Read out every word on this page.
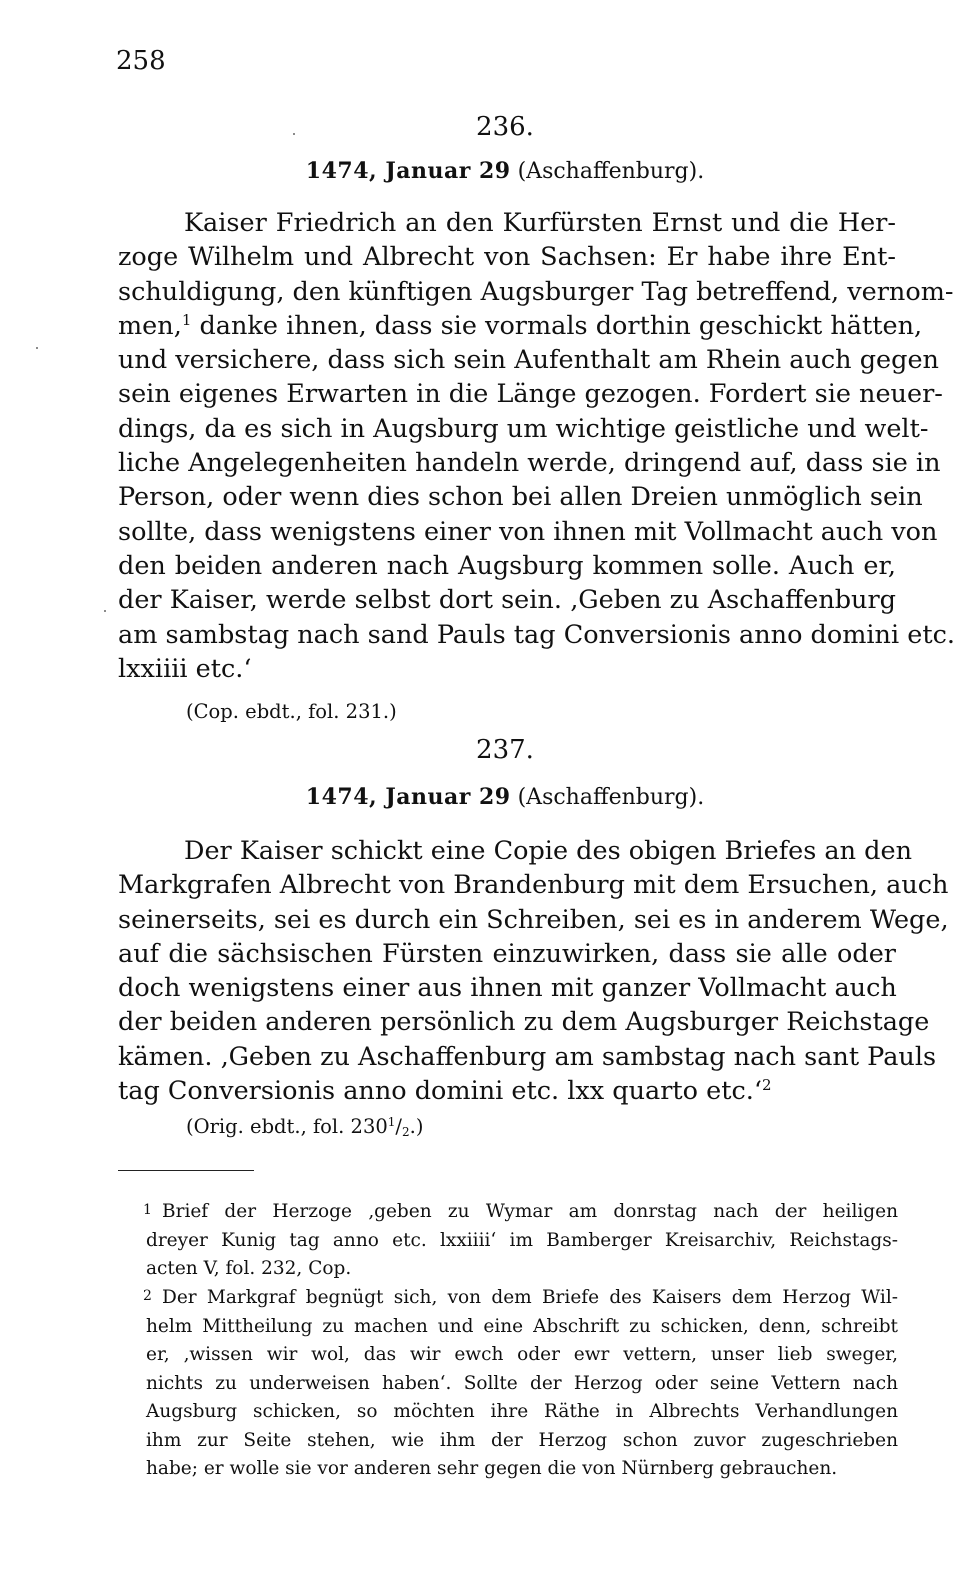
258
236.
1474, Januar 29 (Aschaffenburg).
Kaiser Friedrich an den Kurfürsten Ernst und die Her-
zoge Wilhelm und Albrecht von Sachsen: Er habe ihre Ent-
schuldigung, den künftigen Augsburger Tag betreffend, vernom-
men,$^1$ danke ihnen, dass sie vormals dorthin geschickt hätten,
und versichere, dass sich sein Aufenthalt am Rhein auch gegen
sein eigenes Erwarten in die Länge gezogen. Fordert sie neuer-
dings, da es sich in Augsburg um wichtige geistliche und welt-
liche Angelegenheiten handeln werde, dringend auf, dass sie in
Person, oder wenn dies schon bei allen Dreien unmöglich sein
sollte, dass wenigstens einer von ihnen mit Vollmacht auch von
den beiden anderen nach Augsburg kommen solle. Auch er,
der Kaiser, werde selbst dort sein. ‚Geben zu Aschaffenburg
am sambstag nach sand Pauls tag Conversionis anno domini etc.
lxxiiii etc.‘
(Cop. ebdt., fol. 231.)
237.
1474, Januar 29 (Aschaffenburg).
Der Kaiser schickt eine Copie des obigen Briefes an den
Markgrafen Albrecht von Brandenburg mit dem Ersuchen, auch
seinerseits, sei es durch ein Schreiben, sei es in anderem Wege,
auf die sächsischen Fürsten einzuwirken, dass sie alle oder
doch wenigstens einer aus ihnen mit ganzer Vollmacht auch
der beiden anderen persönlich zu dem Augsburger Reichstage
kämen. ‚Geben zu Aschaffenburg am sambstag nach sant Pauls
tag Conversionis anno domini etc. lxx quarto etc.‘$^2$
(Orig. ebdt., fol. $230^1/_2$.)
1 Brief der Herzoge ‚geben zu Wymar am donrstag nach der heiligen
dreyer Kunig tag anno etc. lxxiiii‘ im Bamberger Kreisarchiv, Reichstags-
acten V, fol. 232, Cop.
2 Der Markgraf begnügt sich, von dem Briefe des Kaisers dem Herzog Wil-
helm Mittheilung zu machen und eine Abschrift zu schicken, denn, schreibt
er, ‚wissen wir wol, das wir ewch oder ewr vettern, unser lieb sweger,
nichts zu underweisen haben‘. Sollte der Herzog oder seine Vettern nach
Augsburg schicken, so möchten ihre Räthe in Albrechts Verhandlungen
ihm zur Seite stehen, wie ihm der Herzog schon zuvor zugeschrieben
habe; er wolle sie vor anderen sehr gegen die von Nürnberg gebrauchen.
